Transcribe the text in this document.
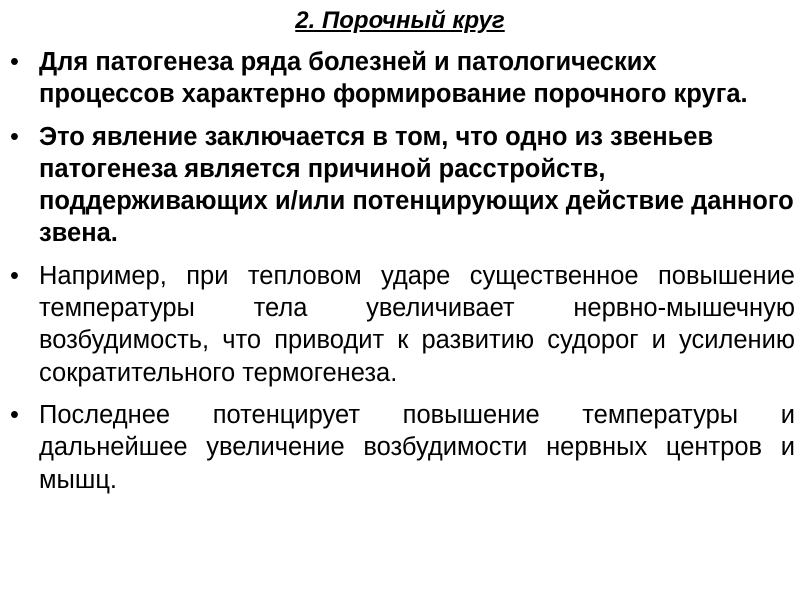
2. Порочный круг
• Для патогенеза ряда болезней и патологических процессов характерно формирование порочного круга.
• Это явление заключается в том, что одно из звеньев патогенеза является причиной расстройств, поддерживающих и/или потенцирующих действие данного звена.
• Например, при тепловом ударе существенное повышение температуры тела увеличивает нервно-мышечную возбудимость, что приводит к развитию судорог и усилению сократительного термогенеза.
• Последнее потенцирует повышение температуры и дальнейшее увеличение возбудимости нервных центров и мышц.
